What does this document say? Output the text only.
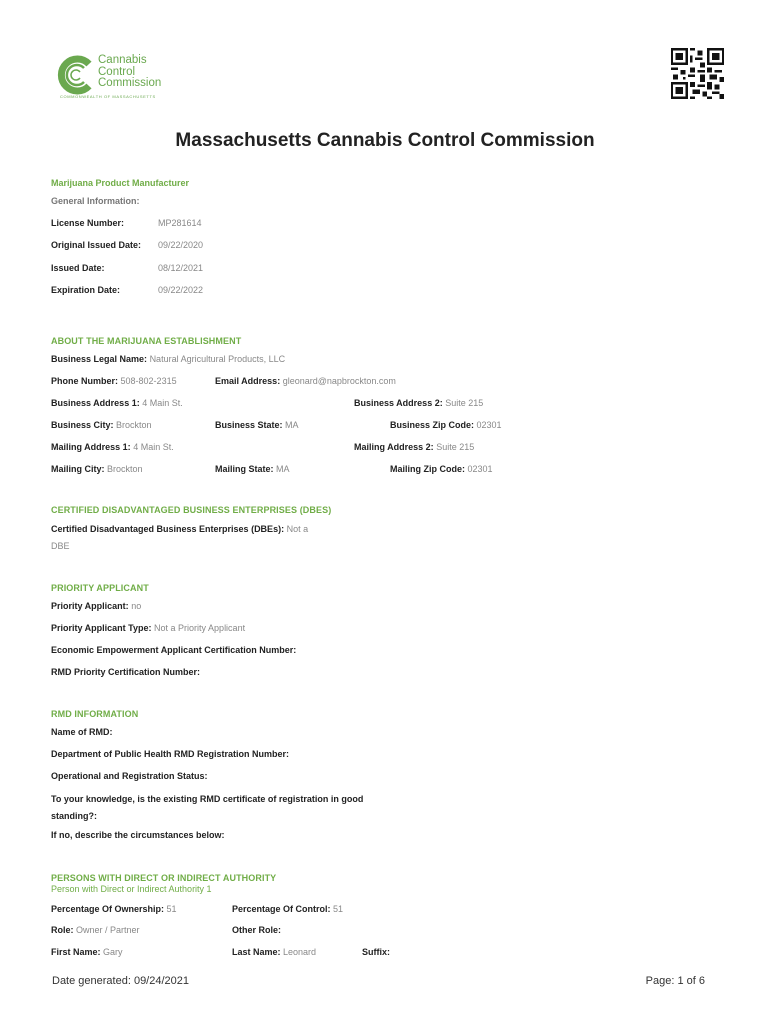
Cannabis
Control
Commission
COMMONWEALTH OF MASSACHUSETTS
Massachusetts Cannabis Control Commission
Marijuana Product Manufacturer
General Information:
License Number:	MP281614
Original Issued Date: 09/22/2020
Issued Date:	08/12/2021
Expiration Date:	09/22/2022
ABOUT THE MARIJUANA ESTABLISHMENT
Business Legal Name: Natural Agricultural Products, LLC
Phone Number: 508-802-2315	Email Address: gleonard@napbrockton.com
Business Address 1: 4 Main St.	Business Address 2: Suite 215
Business City: Brockton	Business State: MA	Business Zip Code: 02301
Mailing Address 1: 4 Main St.	Mailing Address 2: Suite 215
Mailing City: Brockton	Mailing State: MA	Mailing Zip Code: 02301
CERTIFIED DISADVANTAGED BUSINESS ENTERPRISES (DBES)
Certified Disadvantaged Business Enterprises (DBEs): Not a
DBE
PRIORITY APPLICANT
Priority Applicant: no
Priority Applicant Type: Not a Priority Applicant
Economic Empowerment Applicant Certification Number:
RMD Priority Certification Number:
RMD INFORMATION
Name of RMD:
Department of Public Health RMD Registration Number:
Operational and Registration Status:
To your knowledge, is the existing RMD certificate of registration in good
standing?:
If no, describe the circumstances below:
PERSONS WITH DIRECT OR INDIRECT AUTHORITY
Person with Direct or Indirect Authority 1
Percentage Of Ownership: 51	Percentage Of Control: 51
Role: Owner / Partner	Other Role:
First Name: Gary	Last Name: Leonard	Suffix:
Date generated: 09/24/2021	Page: 1 of 6
